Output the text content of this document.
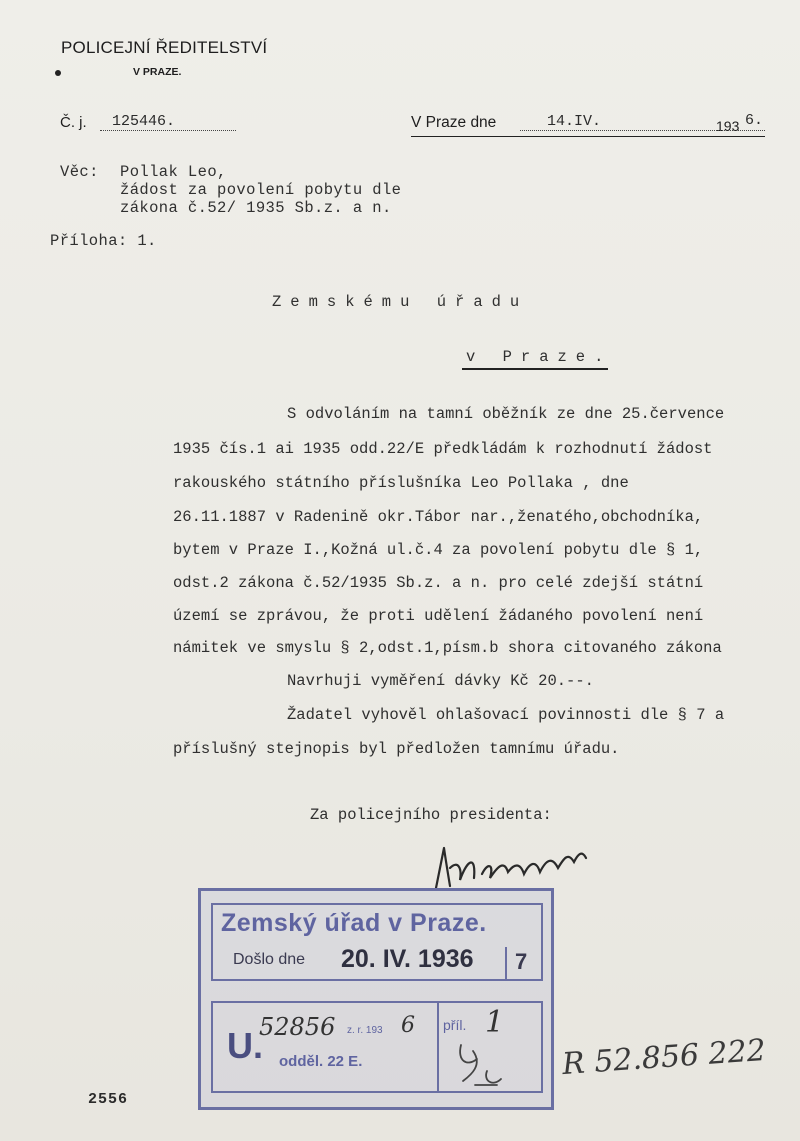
POLICEJNÍ ŘEDITELSTVÍ
V PRAZE.
Č. j. 125446.	V Praze dne	14.IV.	193 6.
Věc: Pollak Leo,
žádost za povolení pobytu dle
zákona č.52/ 1935 Sb.z. a n.
Příloha: 1.
Zemskému úřadu
v Praze.
S odvoláním na tamní oběžník ze dne 25.července
1935 čís.1 ai 1935 odd.22/E předkládám k rozhodnutí žádost
rakouského státního příslušníka Leo Pollaka , dne
26.11.1887 v Radenině okr.Tábor nar.,ženatého,obchodníka,
bytem v Praze I.,Kožná ul.č.4 za povolení pobytu dle § 1,
odst.2 zákona č.52/1935 Sb.z. a n. pro celé zdejší státní
území se zprávou, že proti udělení žádaného povolení není
námitek ve smyslu § 2,odst.1,písm.b shora citovaného zákona
Navrhuji vyměření dávky Kč 20.--.
Žadatel vyhověl ohlašovací povinnosti dle § 7 a
příslušný stejnopis byl předložen tamnímu úřadu.
Za policejního presidenta:
2556
Zemský úřad v Praze.
Došlo dne 20. IV. 1936 7
U.
52856 z. r. 193 6 příl. 1
odděl. 22 E.	R 52.856 222
